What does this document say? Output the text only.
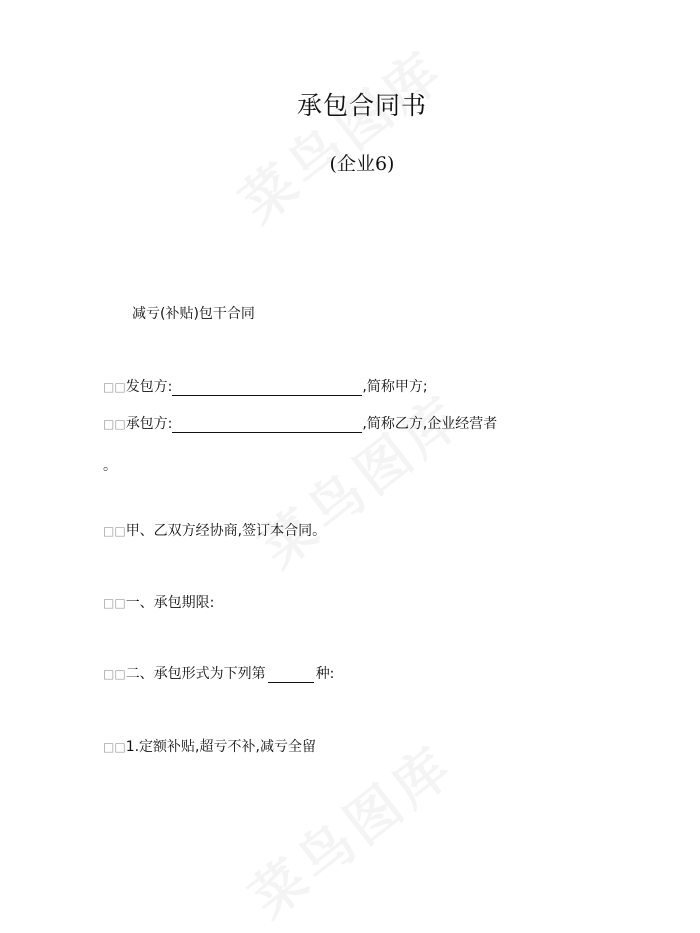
承包合同书
(企业6)
减亏(补贴)包干合同
□□发包方:	,简称甲方;
□□承包方:	,简称乙方,企业经营者
。
□□甲、乙双方经协商,签订本合同。
□□一、承包期限:
□□二、承包形式为下列第	种:
□□1.定额补贴,超亏不补,减亏全留
